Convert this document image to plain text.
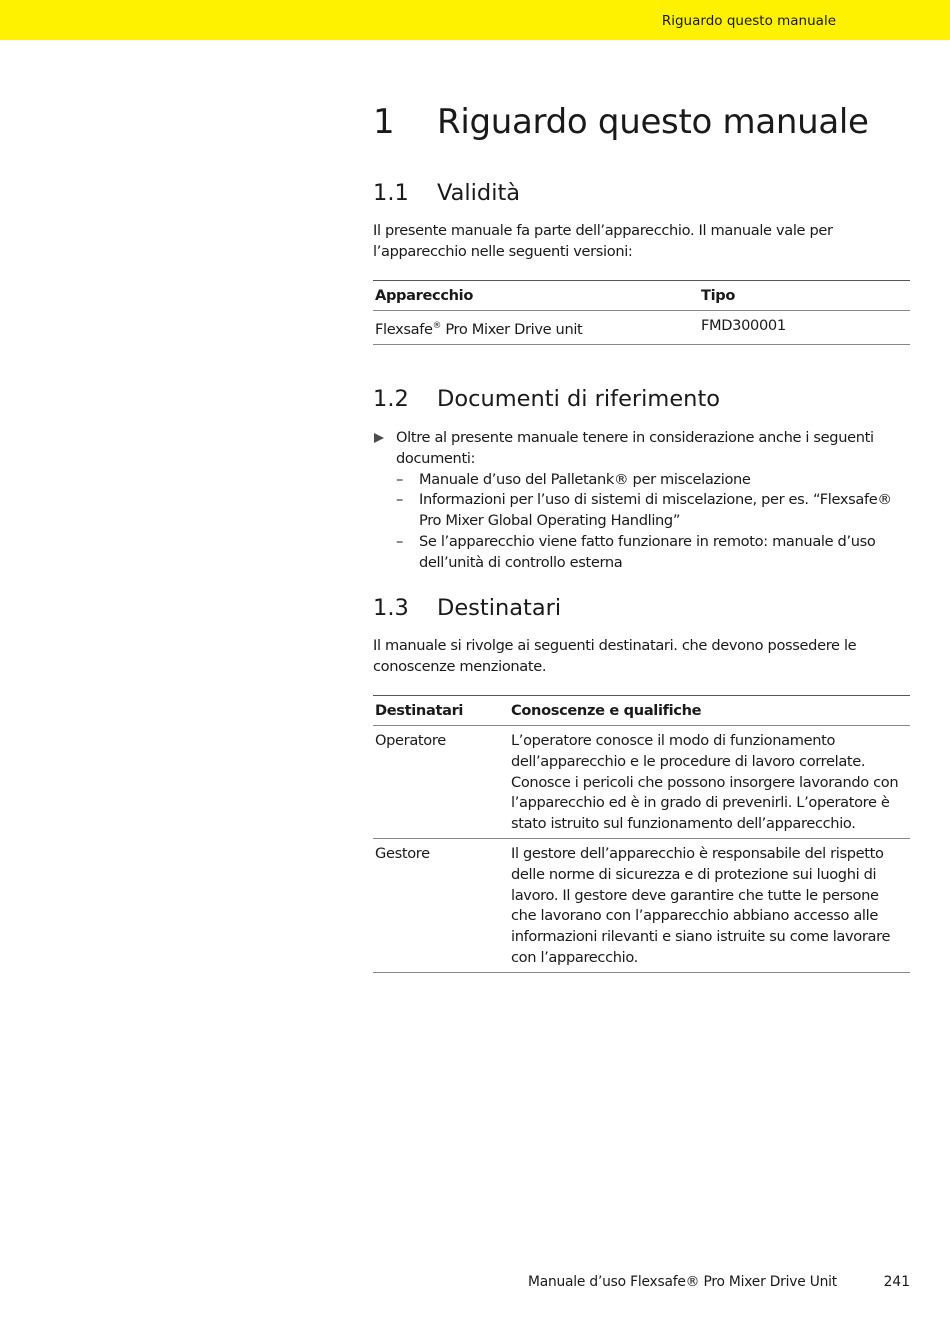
Riguardo questo manuale
1 Riguardo questo manuale
1.1 Validità
Il presente manuale fa parte dell’apparecchio. Il manuale vale per l’apparecchio nelle seguenti versioni:
Apparecchio	Tipo
Flexsafe® Pro Mixer Drive unit	FMD300001
1.2 Documenti di riferimento
Oltre al presente manuale tenere in considerazione anche i seguenti documenti:
– Manuale d’uso del Palletank® per miscelazione
– Informazioni per l’uso di sistemi di miscelazione, per es. “Flexsafe® Pro Mixer Global Operating Handling”
– Se l’apparecchio viene fatto funzionare in remoto: manuale d’uso dell’unità di controllo esterna
1.3 Destinatari
Il manuale si rivolge ai seguenti destinatari. che devono possedere le conoscenze menzionate.
Destinatari	Conoscenze e qualifiche
Operatore	L’operatore conosce il modo di funzionamento dell’apparecchio e le procedure di lavoro correlate. Conosce i pericoli che possono insorgere lavorando con l’apparecchio ed è in grado di prevenirli. L’operatore è stato istruito sul funzionamento dell’apparecchio.
Gestore	Il gestore dell’apparecchio è responsabile del rispetto delle norme di sicurezza e di protezione sui luoghi di lavoro. Il gestore deve garantire che tutte le persone che lavorano con l’apparecchio abbiano accesso alle informazioni rilevanti e siano istruite su come lavorare con l’apparecchio.
Manuale d’uso Flexsafe® Pro Mixer Drive Unit	241
